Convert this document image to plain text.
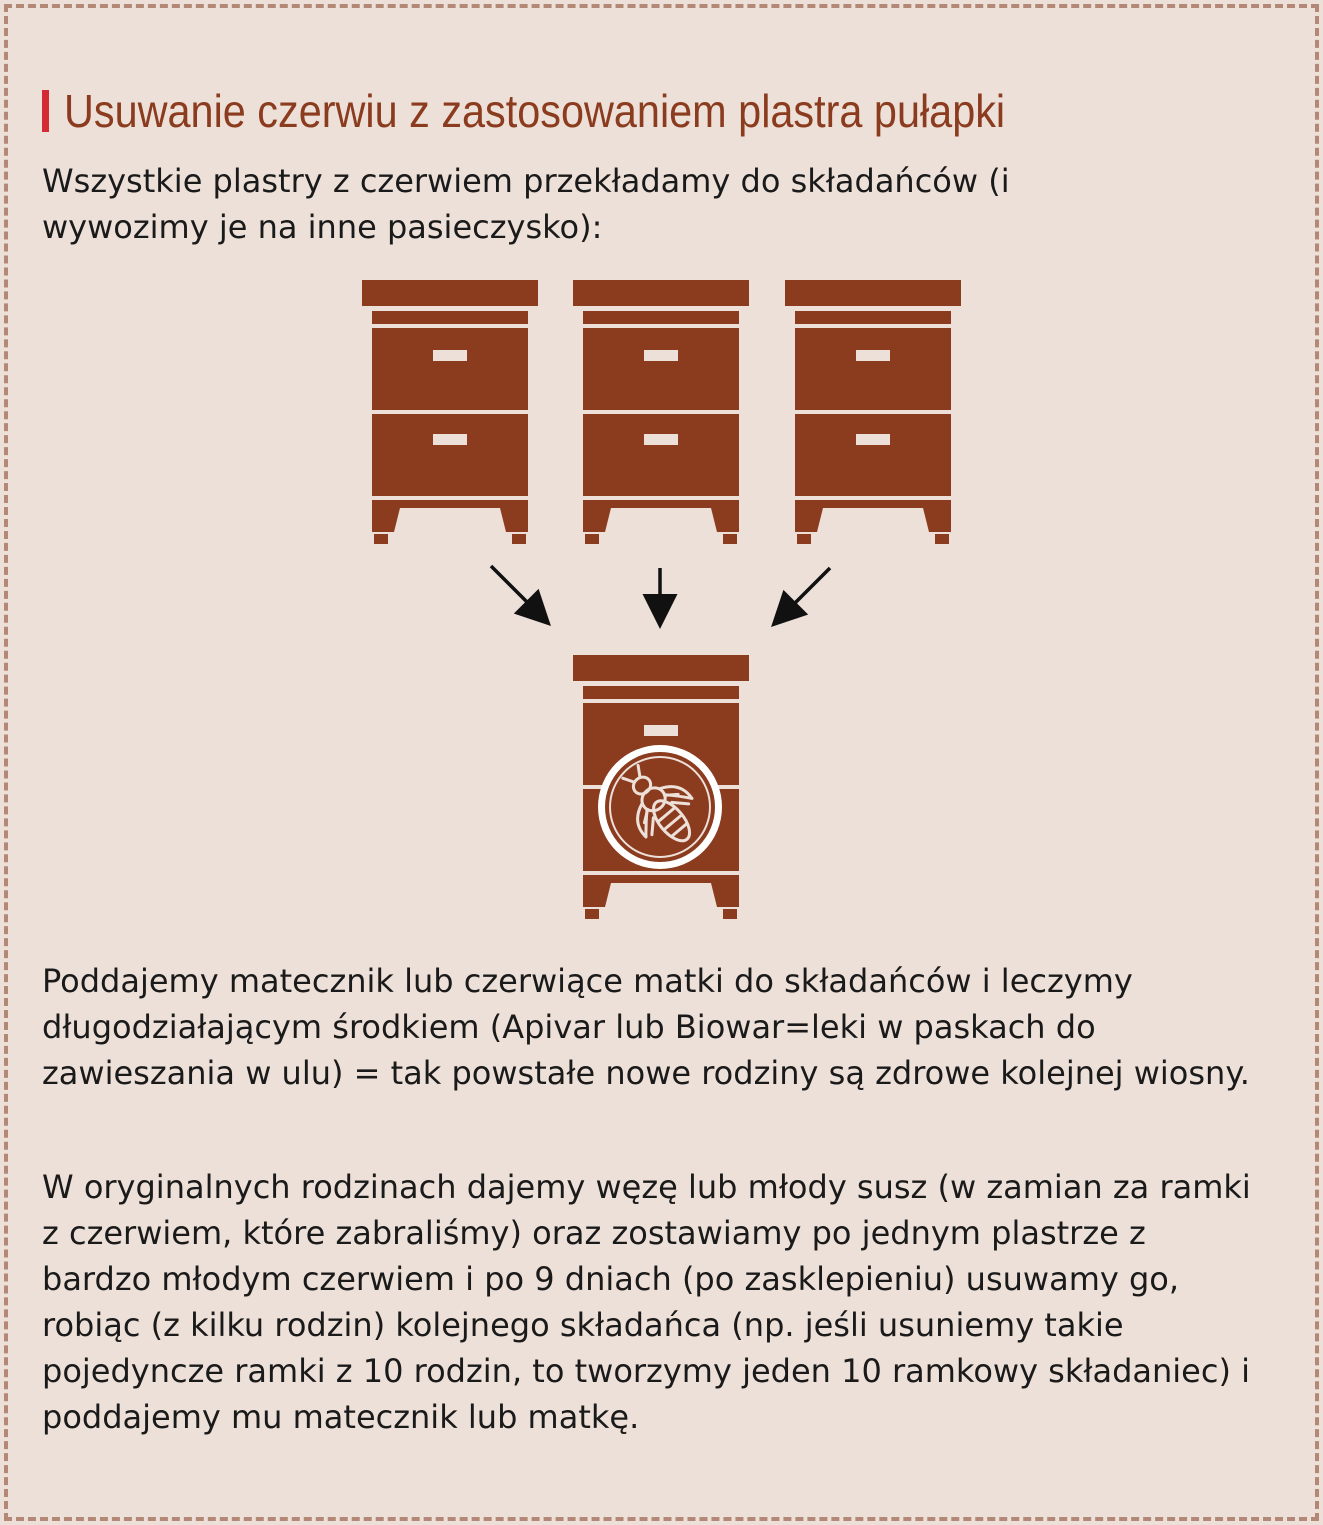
Usuwanie czerwiu z zastosowaniem plastra pułapki

Wszystkie plastry z czerwiem przekładamy do składańców (i wywozimy je na inne pasieczysko):

Poddajemy matecznik lub czerwiące matki do składańców i leczymy długodziałającym środkiem (Apivar lub Biowar=leki w paskach do zawieszania w ulu) = tak powstałe nowe rodziny są zdrowe kolejnej wiosny.

W oryginalnych rodzinach dajemy węzę lub młody susz (w zamian za ramki z czerwiem, które zabraliśmy) oraz zostawiamy po jednym plastrze z bardzo młodym czerwiem i po 9 dniach (po zasklepieniu) usuwamy go, robiąc (z kilku rodzin) kolejnego składańca (np. jeśli usuniemy takie pojedyncze ramki z 10 rodzin, to tworzymy jeden 10 ramkowy składaniec) i poddajemy mu matecznik lub matkę.
